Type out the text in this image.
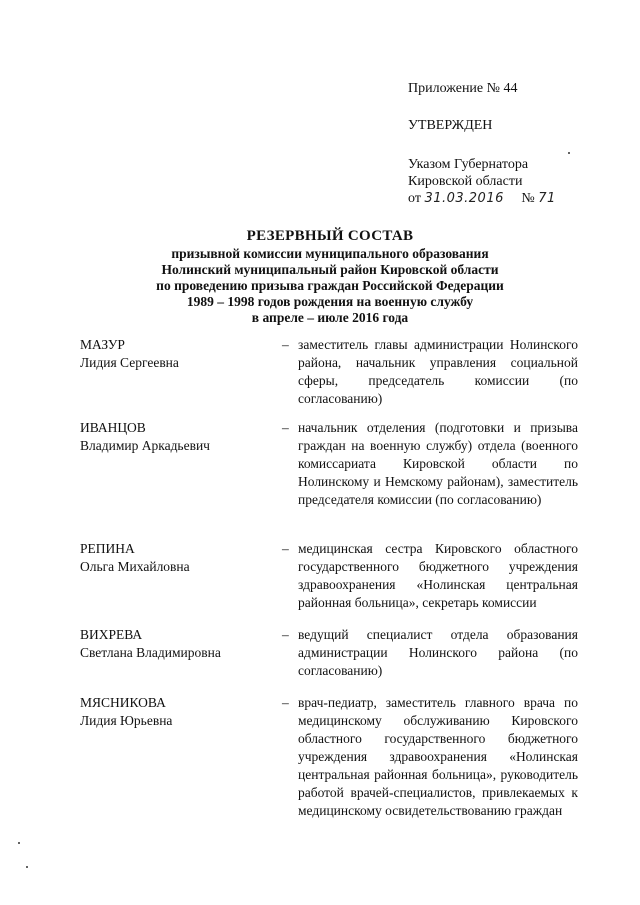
Приложение № 44

УТВЕРЖДЕН

Указом Губернатора

Кировской области

от 31.03.2016 № 71

РЕЗЕРВНЫЙ СОСТАВ
призывной комиссии муниципального образования
Нолинский муниципальный район Кировской области
по проведению призыва граждан Российской Федерации
1989 – 1998 годов рождения на военную службу
в апреле – июле 2016 года
МАЗУР
Лидия Сергеевна
– заместитель главы администрации Нолинского района, начальник управления социальной сферы, председатель комиссии (по согласованию)
ИВАНЦОВ
Владимир Аркадьевич
– начальник отделения (подготовки и призыва граждан на военную службу) отдела (военного комиссариата Кировской области по Нолинскому и Немскому районам), заместитель председателя комиссии (по согласованию)
РЕПИНА
Ольга Михайловна
– медицинская сестра Кировского областного государственного бюджетного учреждения здравоохранения «Нолинская центральная районная больница», секретарь комиссии
ВИХРЕВА
Светлана Владимировна
– ведущий специалист отдела образования администрации Нолинского района (по согласованию)
МЯСНИКОВА
Лидия Юрьевна
– врач-педиатр, заместитель главного врача по медицинскому обслуживанию Кировского областного государственного бюджетного учреждения здравоохранения «Нолинская центральная районная больница», руководитель работой врачей-специалистов, привлекаемых к медицинскому освидетельствованию граждан
